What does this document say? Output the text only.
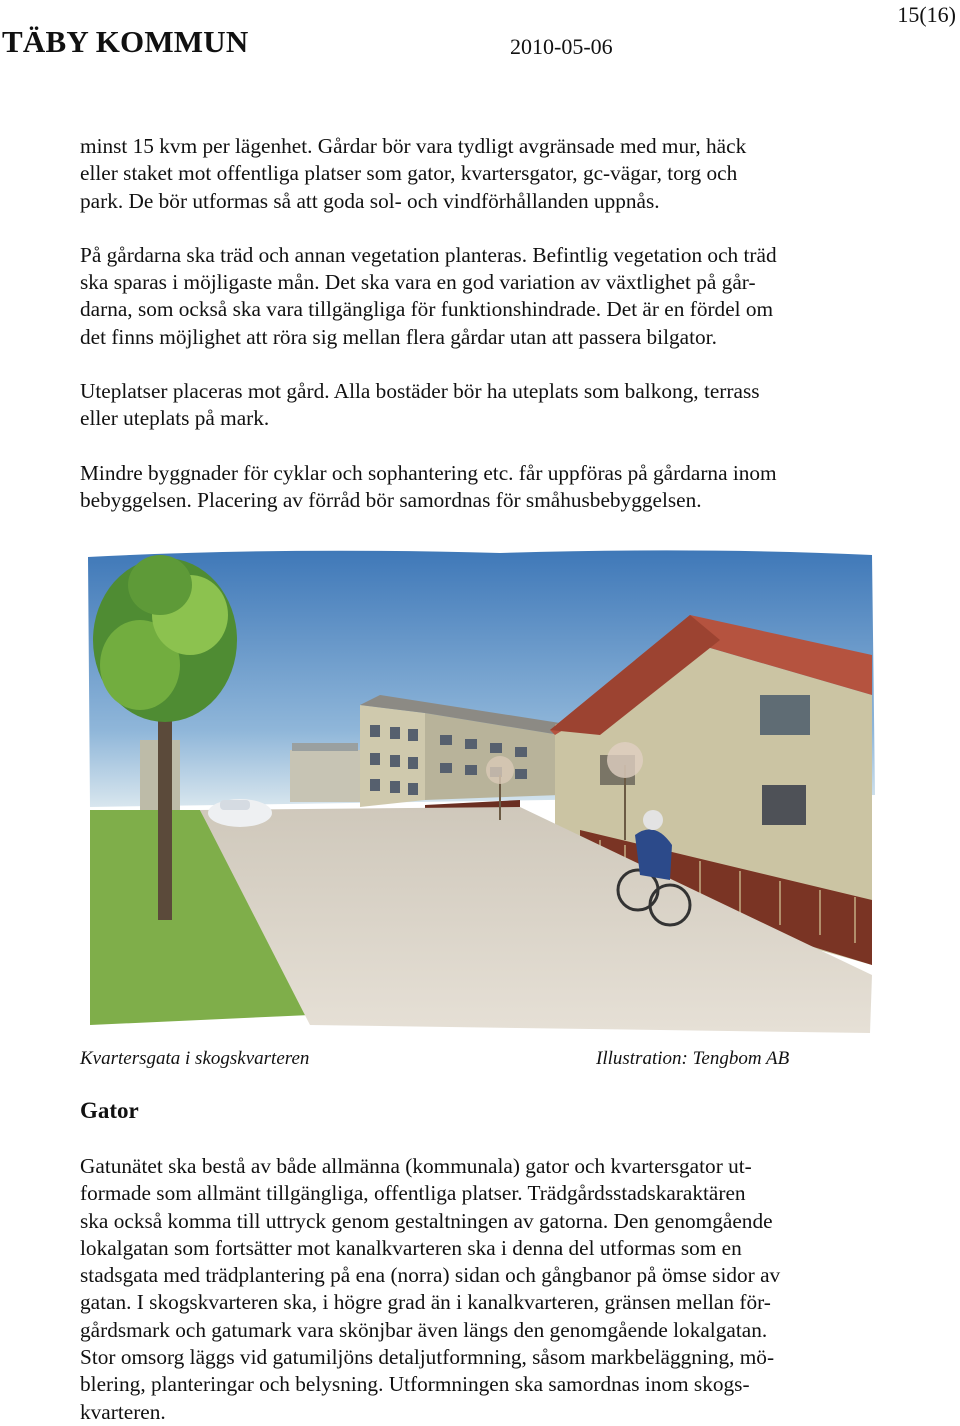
TÄBY KOMMUN	2010-05-06
15(16)

minst 15 kvm per lägenhet. Gårdar bör vara tydligt avgränsade med mur, häck

eller staket mot offentliga platser som gator, kvartersgator, gc-vägar, torg och

park. De bör utformas så att goda sol- och vindförhållanden uppnås.

På gårdarna ska träd och annan vegetation planteras. Befintlig vegetation och träd

ska sparas i möjligaste mån. Det ska vara en god variation av växtlighet på går-

darna, som också ska vara tillgängliga för funktionshindrade. Det är en fördel om

det finns möjlighet att röra sig mellan flera gårdar utan att passera bilgator.

Uteplatser placeras mot gård. Alla bostäder bör ha uteplats som balkong, terrass

eller uteplats på mark.

Mindre byggnader för cyklar och sophantering etc. får uppföras på gårdarna inom

bebyggelsen. Placering av förråd bör samordnas för småhusbebyggelsen.

Kvartersgata i skogskvarteren	Illustration: Tengbom AB
Gator

Gatunätet ska bestå av både allmänna (kommunala) gator och kvartersgator ut-

formade som allmänt tillgängliga, offentliga platser. Trädgårdsstadskaraktären

ska också komma till uttryck genom gestaltningen av gatorna. Den genomgående

lokalgatan som fortsätter mot kanalkvarteren ska i denna del utformas som en

stadsgata med trädplantering på ena (norra) sidan och gångbanor på ömse sidor av

gatan. I skogskvarteren ska, i högre grad än i kanalkvarteren, gränsen mellan för-

gårdsmark och gatumark vara skönjbar även längs den genomgående lokalgatan.

Stor omsorg läggs vid gatumiljöns detaljutformning, såsom markbeläggning, mö-

blering, planteringar och belysning. Utformningen ska samordnas inom skogs-

kvarteren.
